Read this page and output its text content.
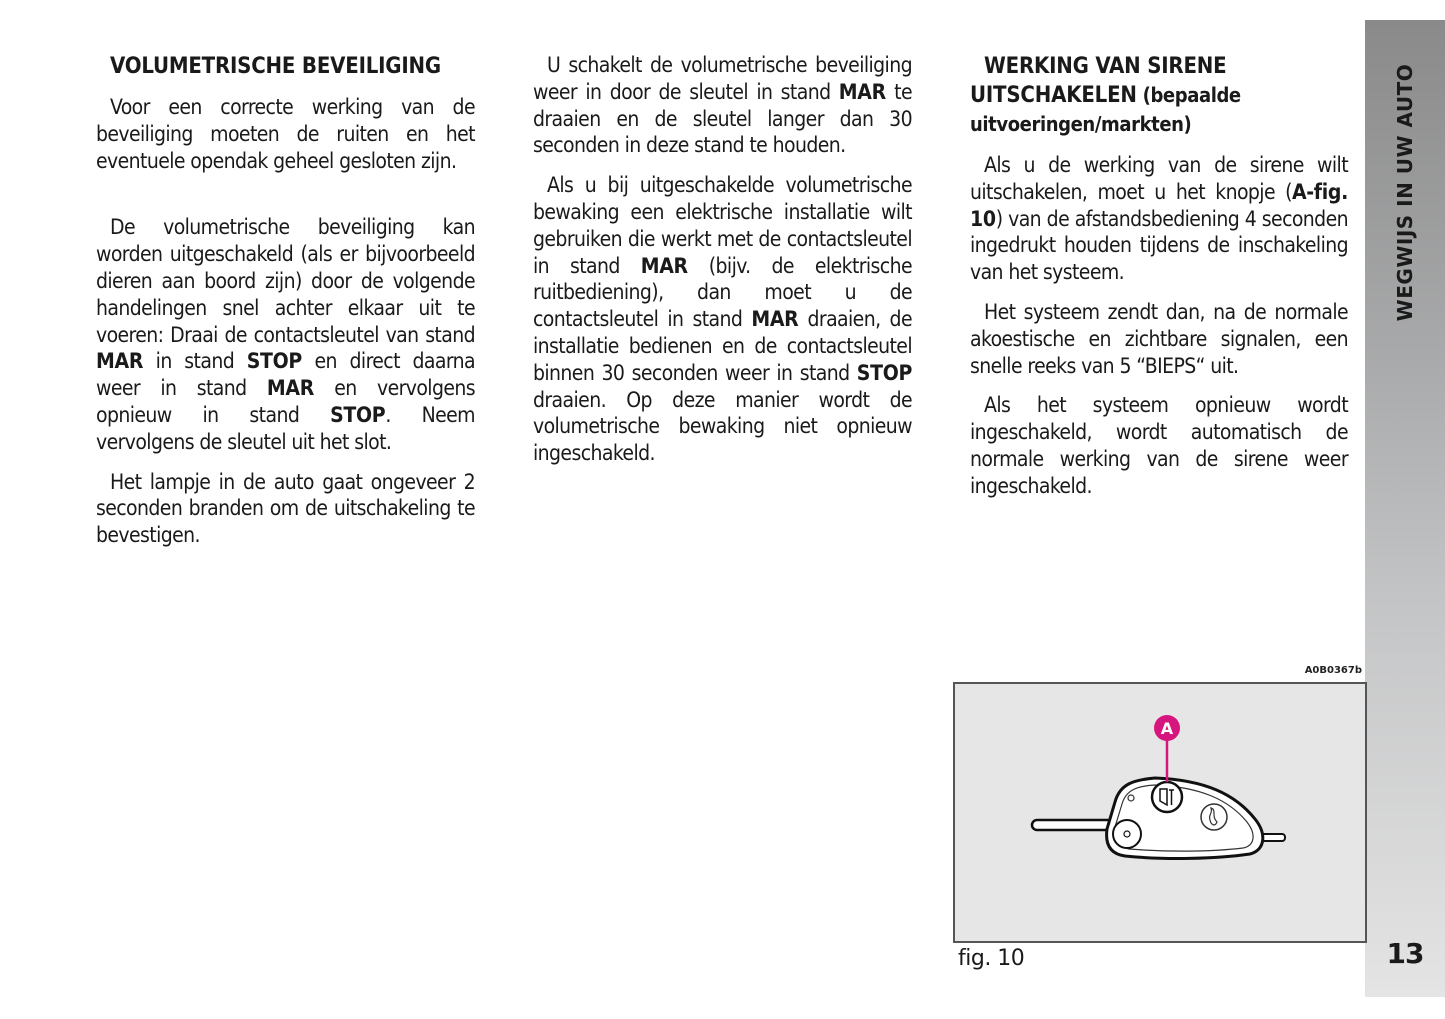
VOLUMETRISCHE BEVEILIGING

Voor een correcte werking van de beveiliging moeten de ruiten en het eventuele opendak geheel gesloten zijn.

De volumetrische beveiliging kan worden uitgeschakeld (als er bijvoorbeeld dieren aan boord zijn) door de volgende handelingen snel achter elkaar uit te voeren: Draai de contactsleutel van stand MAR in stand STOP en direct daarna weer in stand MAR en vervolgens opnieuw in stand STOP. Neem vervolgens de sleutel uit het slot.

Het lampje in de auto gaat ongeveer 2 seconden branden om de uitschakeling te bevestigen.

U schakelt de volumetrische beveiliging weer in door de sleutel in stand MAR te draaien en de sleutel langer dan 30 seconden in deze stand te houden.

Als u bij uitgeschakelde volumetrische bewaking een elektrische installatie wilt gebruiken die werkt met de contactsleutel in stand MAR (bijv. de elektrische ruitbediening), dan moet u de contactsleutel in stand MAR draaien, de installatie bedienen en de contactsleutel binnen 30 seconden weer in stand STOP draaien. Op deze manier wordt de volumetrische bewaking niet opnieuw ingeschakeld.

WERKING VAN SIRENE UITSCHAKELEN (bepaalde uitvoeringen/markten)

Als u de werking van de sirene wilt uitschakelen, moet u het knopje (A-fig. 10) van de afstandsbediening 4 seconden ingedrukt houden tijdens de inschakeling van het systeem.

Het systeem zendt dan, na de normale akoestische en zichtbare signalen, een snelle reeks van 5 “BIEPS“ uit.

Als het systeem opnieuw wordt ingeschakeld, wordt automatisch de normale werking van de sirene weer ingeschakeld.

WEGWIJS IN UW AUTO
13
A0B0367b
A
fig. 10
